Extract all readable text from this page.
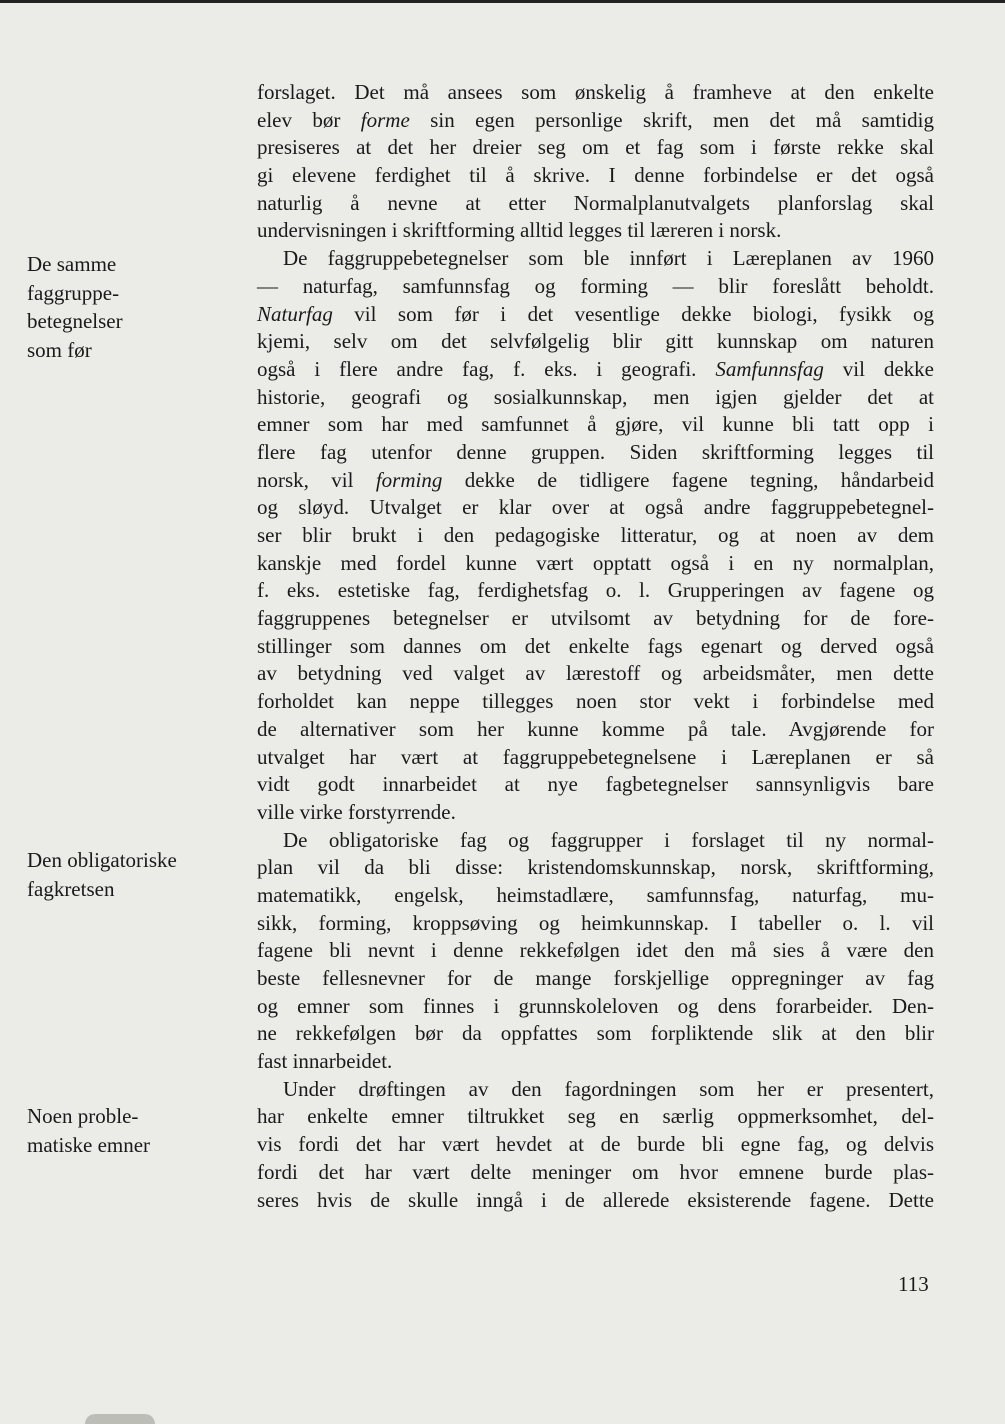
De samme
faggruppe-
betegnelser
som før
Den obligatoriske
fagkretsen
Noen proble-
matiske emner
forslaget. Det må ansees som ønskelig å framheve at den enkelte
elev bør forme sin egen personlige skrift, men det må samtidig
presiseres at det her dreier seg om et fag som i første rekke skal
gi elevene ferdighet til å skrive. I denne forbindelse er det også
naturlig å nevne at etter Normalplanutvalgets planforslag skal
undervisningen i skriftforming alltid legges til læreren i norsk.
De faggruppebetegnelser som ble innført i Læreplanen av 1960
— naturfag, samfunnsfag og forming — blir foreslått beholdt.
Naturfag vil som før i det vesentlige dekke biologi, fysikk og
kjemi, selv om det selvfølgelig blir gitt kunnskap om naturen
også i flere andre fag, f. eks. i geografi. Samfunnsfag vil dekke
historie, geografi og sosialkunnskap, men igjen gjelder det at
emner som har med samfunnet å gjøre, vil kunne bli tatt opp i
flere fag utenfor denne gruppen. Siden skriftforming legges til
norsk, vil forming dekke de tidligere fagene tegning, håndarbeid
og sløyd. Utvalget er klar over at også andre faggruppebetegnel-
ser blir brukt i den pedagogiske litteratur, og at noen av dem
kanskje med fordel kunne vært opptatt også i en ny normalplan,
f. eks. estetiske fag, ferdighetsfag o. l. Grupperingen av fagene og
faggruppenes betegnelser er utvilsomt av betydning for de fore-
stillinger som dannes om det enkelte fags egenart og derved også
av betydning ved valget av lærestoff og arbeidsmåter, men dette
forholdet kan neppe tillegges noen stor vekt i forbindelse med
de alternativer som her kunne komme på tale. Avgjørende for
utvalget har vært at faggruppebetegnelsene i Læreplanen er så
vidt godt innarbeidet at nye fagbetegnelser sannsynligvis bare
ville virke forstyrrende.
De obligatoriske fag og faggrupper i forslaget til ny normal-
plan vil da bli disse: kristendomskunnskap, norsk, skriftforming,
matematikk, engelsk, heimstadlære, samfunnsfag, naturfag, mu-
sikk, forming, kroppsøving og heimkunnskap. I tabeller o. l. vil
fagene bli nevnt i denne rekkefølgen idet den må sies å være den
beste fellesnevner for de mange forskjellige oppregninger av fag
og emner som finnes i grunnskoleloven og dens forarbeider. Den-
ne rekkefølgen bør da oppfattes som forpliktende slik at den blir
fast innarbeidet.
Under drøftingen av den fagordningen som her er presentert,
har enkelte emner tiltrukket seg en særlig oppmerksomhet, del-
vis fordi det har vært hevdet at de burde bli egne fag, og delvis
fordi det har vært delte meninger om hvor emnene burde plas-
seres hvis de skulle inngå i de allerede eksisterende fagene. Dette
113
